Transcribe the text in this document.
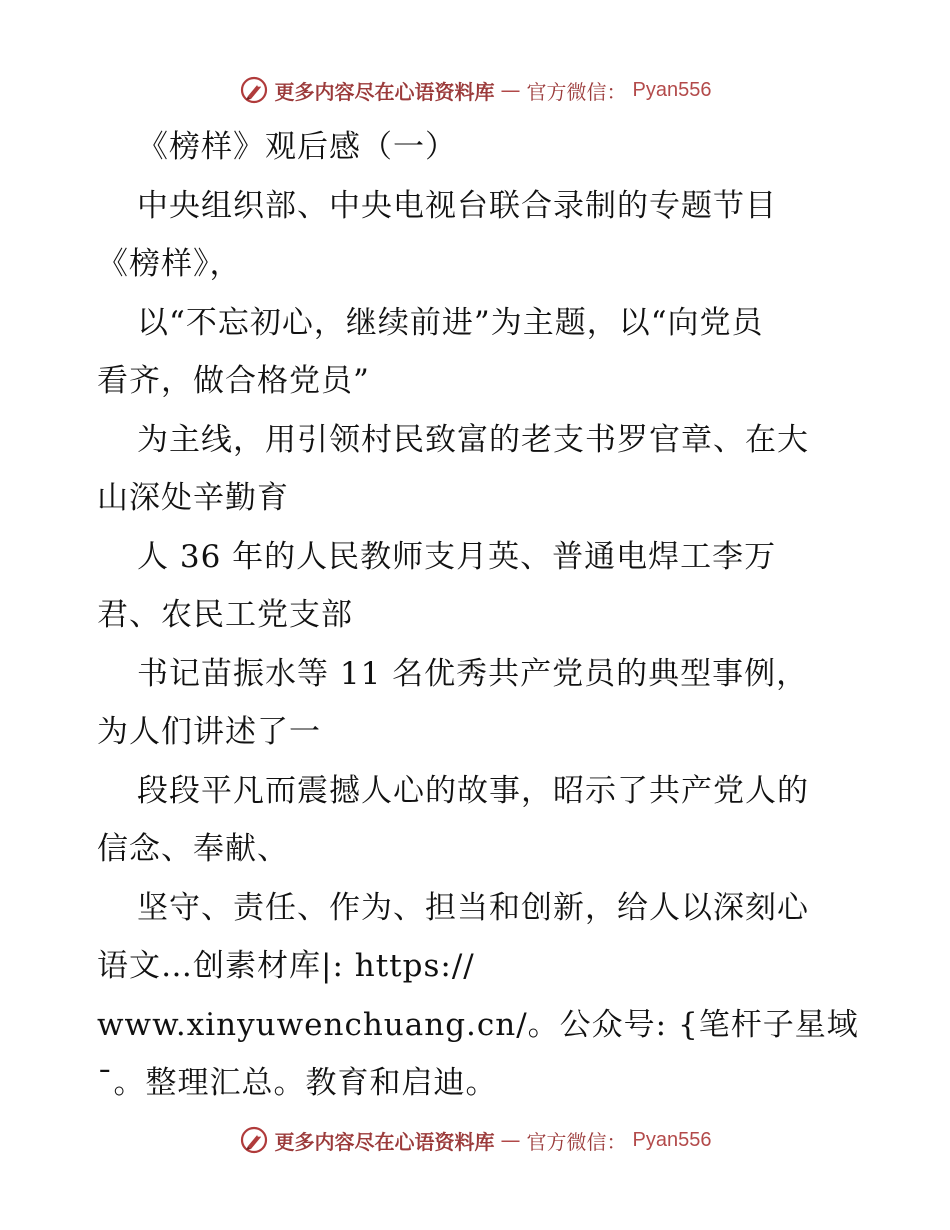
更多内容尽在心语资料库 — 官方微信： Pyan556
《榜样》观后感（一）
中央组织部、中央电视台联合录制的专题节目
《榜样》，
以“不忘初心，继续前进”为主题，以“向党员
看齐，做合格党员”
为主线，用引领村民致富的老支书罗官章、在大
山深处辛勤育
人 36 年的人民教师支月英、普通电焊工李万
君、农民工党支部
书记苗振水等 11 名优秀共产党员的典型事例，
为人们讲述了一
段段平凡而震撼人心的故事，昭示了共产党人的
信念、奉献、
坚守、责任、作为、担当和创新，给人以深刻心
语文…创素材库|: https://
www.xinyuwenchuang.cn/。公众号: {笔杆子星域
¯。整理汇总。教育和启迪。
更多内容尽在心语资料库 — 官方微信： Pyan556
